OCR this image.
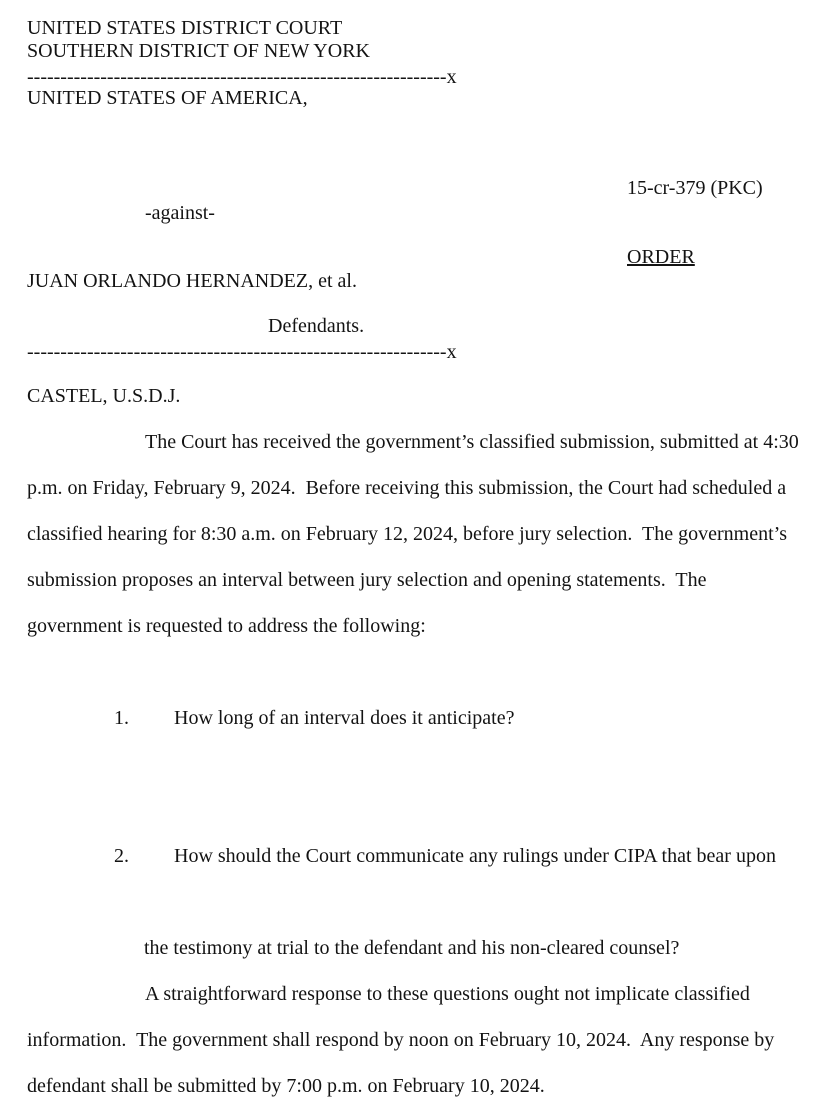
UNITED STATES DISTRICT COURT
SOUTHERN DISTRICT OF NEW YORK
---------------------------------------------------------------x
UNITED STATES OF AMERICA,
15-cr-379 (PKC)
-against-
ORDER
JUAN ORLANDO HERNANDEZ, et al.
Defendants.
---------------------------------------------------------------x
CASTEL, U.S.D.J.
The Court has received the government’s classified submission, submitted at 4:30
p.m. on Friday, February 9, 2024.  Before receiving this submission, the Court had scheduled a
classified hearing for 8:30 a.m. on February 12, 2024, before jury selection.  The government’s
submission proposes an interval between jury selection and opening statements.  The
government is requested to address the following:

1. How long of an interval does it anticipate?

2. How should the Court communicate any rulings under CIPA that bear upon

the testimony at trial to the defendant and his non-cleared counsel?
A straightforward response to these questions ought not implicate classified
information.  The government shall respond by noon on February 10, 2024.  Any response by
defendant shall be submitted by 7:00 p.m. on February 10, 2024.
